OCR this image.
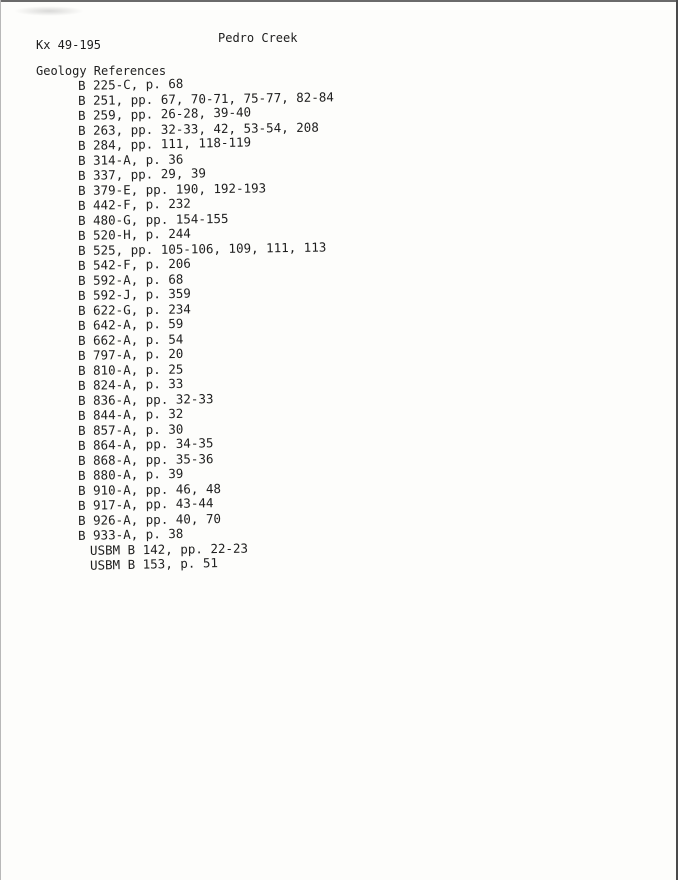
Kx 49-195	Pedro Creek
Geology References
B 225-C, p. 68
B 251, pp. 67, 70-71, 75-77, 82-84
B 259, pp. 26-28, 39-40
B 263, pp. 32-33, 42, 53-54, 208
B 284, pp. 111, 118-119
B 314-A, p. 36
B 337, pp. 29, 39
B 379-E, pp. 190, 192-193
B 442-F, p. 232
B 480-G, pp. 154-155
B 520-H, p. 244
B 525, pp. 105-106, 109, 111, 113
B 542-F, p. 206
B 592-A, p. 68
B 592-J, p. 359
B 622-G, p. 234
B 642-A, p. 59
B 662-A, p. 54
B 797-A, p. 20
B 810-A, p. 25
B 824-A, p. 33
B 836-A, pp. 32-33
B 844-A, p. 32
B 857-A, p. 30
B 864-A, pp. 34-35
B 868-A, pp. 35-36
B 880-A, p. 39
B 910-A, pp. 46, 48
B 917-A, pp. 43-44
B 926-A, pp. 40, 70
B 933-A, p. 38
USBM B 142, pp. 22-23
USBM B 153, p. 51
